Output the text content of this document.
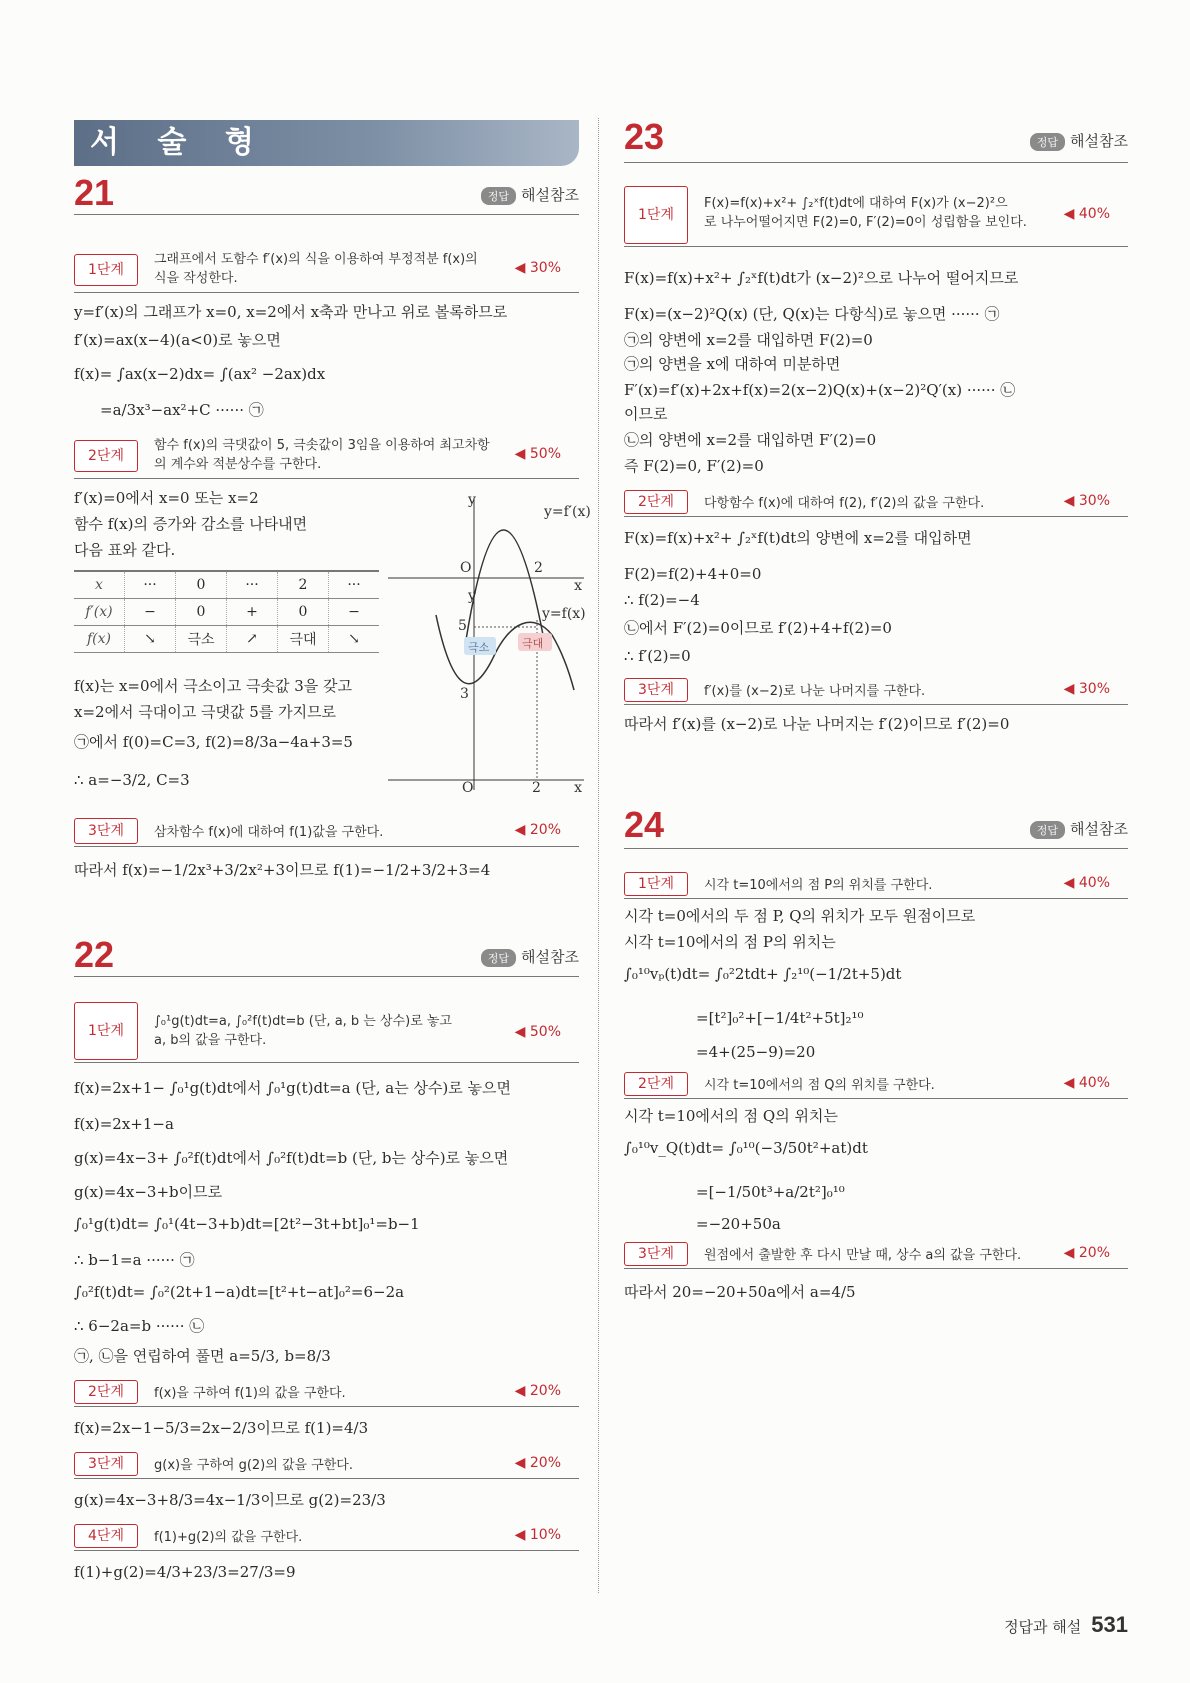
서 술 형
21	정답 해설참조
1단계
그래프에서 도함수 f′(x)의 식을 이용하여 부정적분 f(x)의
식을 작성한다.
◀ 30%
y=f′(x)의 그래프가 x=0, x=2에서 x축과 만나고 위로 볼록하므로
f′(x)=ax(x−4)(a<0)로 놓으면
f(x)= ∫ax(x−2)dx= ∫(ax² −2ax)dx
=a/3x³−ax²+C ······ ㉠
2단계
함수 f(x)의 극댓값이 5, 극솟값이 3임을 이용하여 최고차항
의 계수와 적분상수를 구한다.
◀ 50%
f′(x)=0에서 x=0 또는 x=2
함수 f(x)의 증가와 감소를 나타내면
다음 표와 같다.
x	···	0	···	2	···
f′(x)	−	0	+	0	−
f(x)	↘	극소	↗	극대	↘
f(x)는 x=0에서 극소이고 극솟값 3을 갖고
x=2에서 극대이고 극댓값 5를 가지므로
㉠에서 f(0)=C=3, f(2)=8/3a−4a+3=5
∴ a=−3/2, C=3
y
x
O	2
y=f′(x)
y
x
O	2
5
3
y=f(x)
극소	극대
3단계	삼차함수 f(x)에 대하여 f(1)값을 구한다.	◀ 20%
따라서 f(x)=−1/2x³+3/2x²+3이므로 f(1)=−1/2+3/2+3=4
22	정답 해설참조
1단계
∫₀¹g(t)dt=a, ∫₀²f(t)dt=b (단, a, b 는 상수)로 놓고
a, b의 값을 구한다.
◀ 50%
f(x)=2x+1− ∫₀¹g(t)dt에서 ∫₀¹g(t)dt=a (단, a는 상수)로 놓으면
f(x)=2x+1−a
g(x)=4x−3+ ∫₀²f(t)dt에서 ∫₀²f(t)dt=b (단, b는 상수)로 놓으면
g(x)=4x−3+b이므로
∫₀¹g(t)dt= ∫₀¹(4t−3+b)dt=[2t²−3t+bt]₀¹=b−1
∴ b−1=a ······ ㉠
∫₀²f(t)dt= ∫₀²(2t+1−a)dt=[t²+t−at]₀²=6−2a
∴ 6−2a=b ······ ㉡
㉠, ㉡을 연립하여 풀면 a=5/3, b=8/3
2단계	f(x)을 구하여 f(1)의 값을 구한다.	◀ 20%
f(x)=2x−1−5/3=2x−2/3이므로 f(1)=4/3
3단계	g(x)을 구하여 g(2)의 값을 구한다.	◀ 20%
g(x)=4x−3+8/3=4x−1/3이므로 g(2)=23/3
4단계	f(1)+g(2)의 값을 구한다.	◀ 10%
f(1)+g(2)=4/3+23/3=27/3=9
23	정답 해설참조
1단계
F(x)=f(x)+x²+ ∫₂ˣf(t)dt에 대하여 F(x)가 (x−2)²으
로 나누어떨어지면 F(2)=0, F′(2)=0이 성립함을 보인다.
◀ 40%
F(x)=f(x)+x²+ ∫₂ˣf(t)dt가 (x−2)²으로 나누어 떨어지므로
F(x)=(x−2)²Q(x) (단, Q(x)는 다항식)로 놓으면 ······ ㉠
㉠의 양변에 x=2를 대입하면 F(2)=0
㉠의 양변을 x에 대하여 미분하면
F′(x)=f′(x)+2x+f(x)=2(x−2)Q(x)+(x−2)²Q′(x) ······ ㉡
이므로
㉡의 양변에 x=2를 대입하면 F′(2)=0
즉 F(2)=0, F′(2)=0
2단계	다항함수 f(x)에 대하여 f(2), f′(2)의 값을 구한다.	◀ 30%
F(x)=f(x)+x²+ ∫₂ˣf(t)dt의 양변에 x=2를 대입하면
F(2)=f(2)+4+0=0
∴ f(2)=−4
㉡에서 F′(2)=0이므로 f′(2)+4+f(2)=0
∴ f′(2)=0
3단계	f′(x)를 (x−2)로 나눈 나머지를 구한다.	◀ 30%
따라서 f′(x)를 (x−2)로 나눈 나머지는 f′(2)이므로 f′(2)=0
24	정답 해설참조
1단계	시각 t=10에서의 점 P의 위치를 구한다.	◀ 40%
시각 t=0에서의 두 점 P, Q의 위치가 모두 원점이므로
시각 t=10에서의 점 P의 위치는
∫₀¹⁰vₚ(t)dt= ∫₀²2tdt+ ∫₂¹⁰(−1/2t+5)dt
=[t²]₀²+[−1/4t²+5t]₂¹⁰
=4+(25−9)=20
2단계	시각 t=10에서의 점 Q의 위치를 구한다.	◀ 40%
시각 t=10에서의 점 Q의 위치는
∫₀¹⁰v_Q(t)dt= ∫₀¹⁰(−3/50t²+at)dt
=[−1/50t³+a/2t²]₀¹⁰
=−20+50a
3단계	원점에서 출발한 후 다시 만날 때, 상수 a의 값을 구한다.	◀ 20%
따라서 20=−20+50a에서 a=4/5
정답과 해설 531
